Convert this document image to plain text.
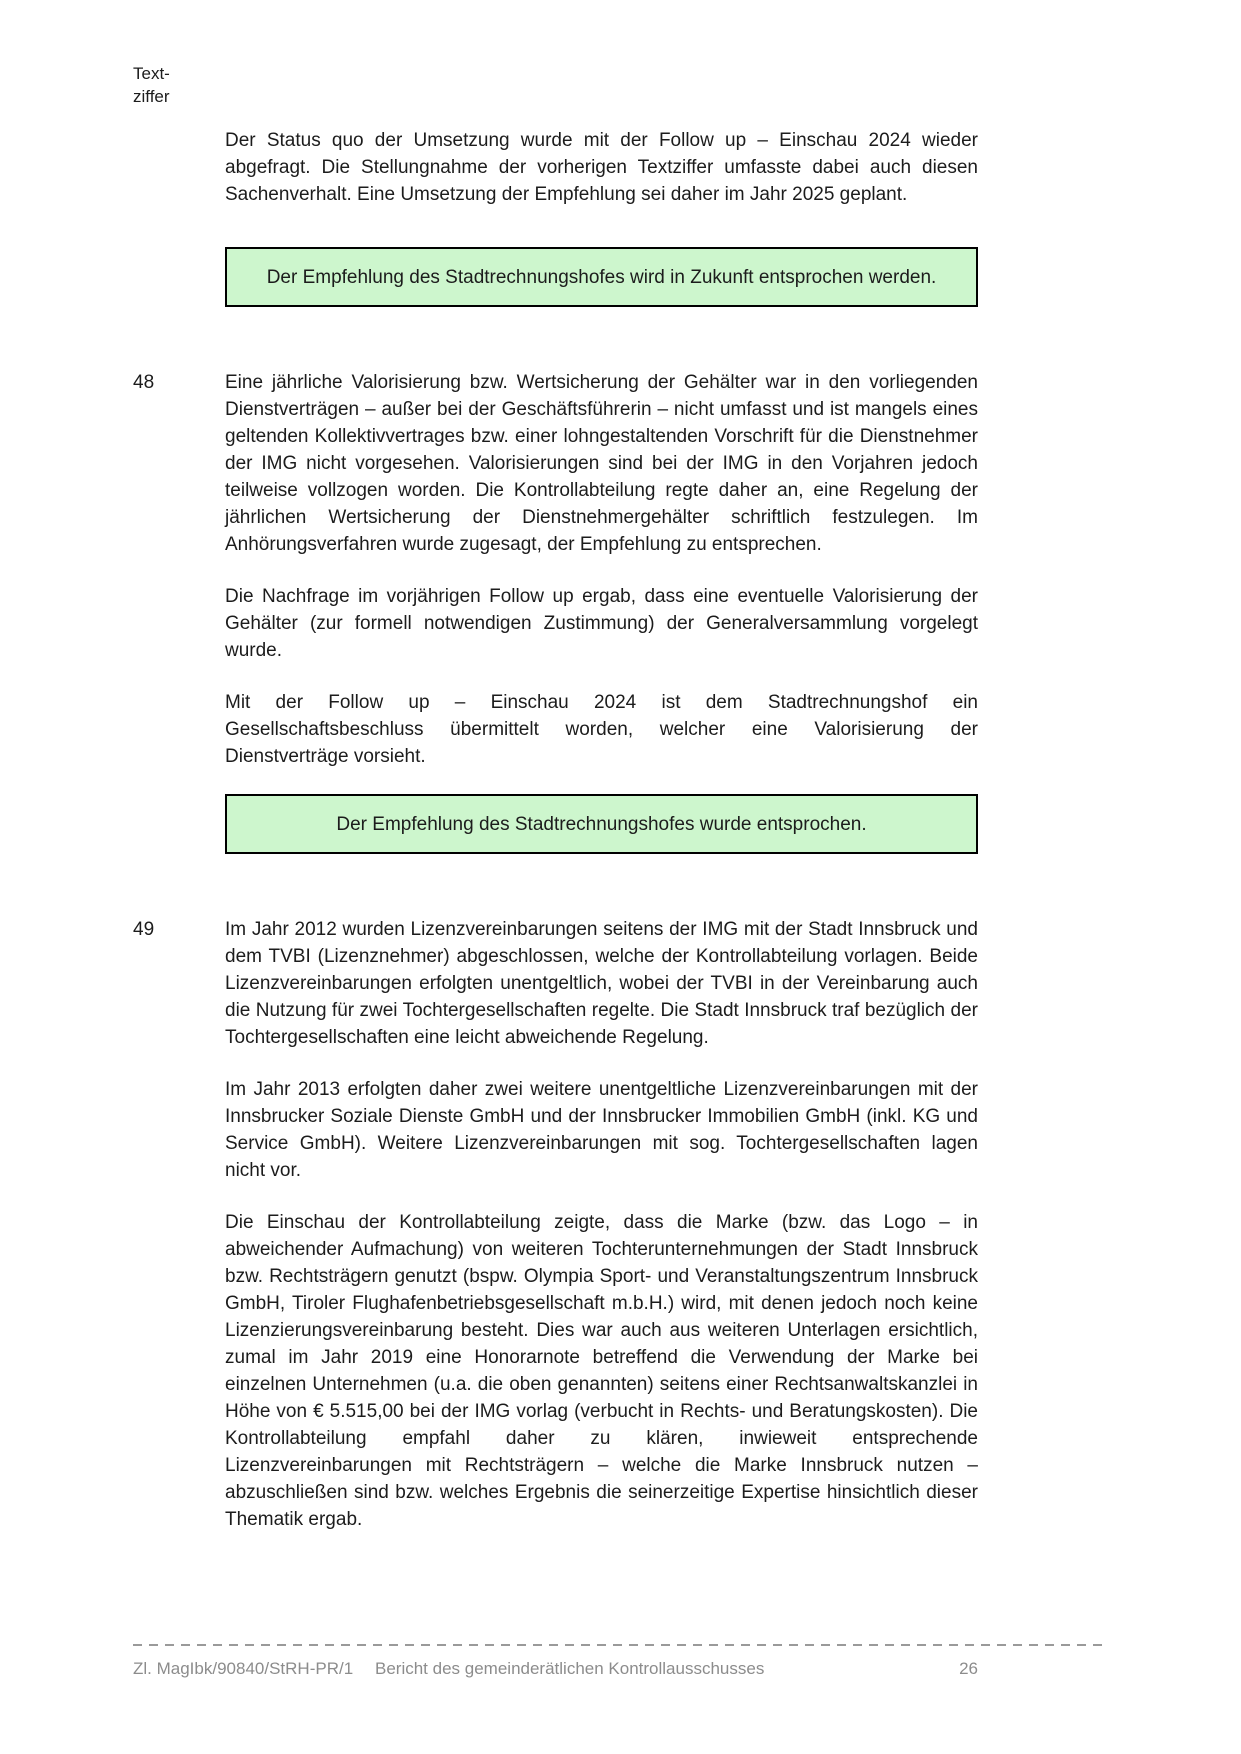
Text-
ziffer

Der Status quo der Umsetzung wurde mit der Follow up – Einschau 2024 wieder abgefragt. Die Stellungnahme der vorherigen Textziffer umfasste dabei auch diesen Sachenverhalt. Eine Umsetzung der Empfehlung sei daher im Jahr 2025 geplant.

Der Empfehlung des Stadtrechnungshofes wird in Zukunft entsprochen werden.
48	Eine jährliche Valorisierung bzw. Wertsicherung der Gehälter war in den vorliegenden Dienstverträgen – außer bei der Geschäftsführerin – nicht umfasst und ist mangels eines geltenden Kollektivvertrages bzw. einer lohngestaltenden Vorschrift für die Dienstnehmer der IMG nicht vorgesehen. Valorisierungen sind bei der IMG in den Vorjahren jedoch teilweise vollzogen worden. Die Kontrollabteilung regte daher an, eine Regelung der jährlichen Wertsicherung der Dienstnehmergehälter schriftlich festzulegen. Im Anhörungsverfahren wurde zugesagt, der Empfehlung zu entsprechen.

Die Nachfrage im vorjährigen Follow up ergab, dass eine eventuelle Valorisierung der Gehälter (zur formell notwendigen Zustimmung) der Generalversammlung vorgelegt wurde.

Mit der Follow up – Einschau 2024 ist dem Stadtrechnungshof ein Gesellschaftsbeschluss übermittelt worden, welcher eine Valorisierung der Dienstverträge vorsieht.

Der Empfehlung des Stadtrechnungshofes wurde entsprochen.
49	Im Jahr 2012 wurden Lizenzvereinbarungen seitens der IMG mit der Stadt Innsbruck und dem TVBI (Lizenznehmer) abgeschlossen, welche der Kontrollabteilung vorlagen. Beide Lizenzvereinbarungen erfolgten unentgeltlich, wobei der TVBI in der Vereinbarung auch die Nutzung für zwei Tochtergesellschaften regelte. Die Stadt Innsbruck traf bezüglich der Tochtergesellschaften eine leicht abweichende Regelung.

Im Jahr 2013 erfolgten daher zwei weitere unentgeltliche Lizenzvereinbarungen mit der Innsbrucker Soziale Dienste GmbH und der Innsbrucker Immobilien GmbH (inkl. KG und Service GmbH). Weitere Lizenzvereinbarungen mit sog. Tochtergesellschaften lagen nicht vor.

Die Einschau der Kontrollabteilung zeigte, dass die Marke (bzw. das Logo – in abweichender Aufmachung) von weiteren Tochterunternehmungen der Stadt Innsbruck bzw. Rechtsträgern genutzt (bspw. Olympia Sport- und Veranstaltungszentrum Innsbruck GmbH, Tiroler Flughafenbetriebsgesellschaft m.b.H.) wird, mit denen jedoch noch keine Lizenzierungsvereinbarung besteht. Dies war auch aus weiteren Unterlagen ersichtlich, zumal im Jahr 2019 eine Honorarnote betreffend die Verwendung der Marke bei einzelnen Unternehmen (u.a. die oben genannten) seitens einer Rechtsanwaltskanzlei in Höhe von € 5.515,00 bei der IMG vorlag (verbucht in Rechts- und Beratungskosten). Die Kontrollabteilung empfahl daher zu klären, inwieweit entsprechende Lizenzvereinbarungen mit Rechtsträgern – welche die Marke Innsbruck nutzen – abzuschließen sind bzw. welches Ergebnis die seinerzeitige Expertise hinsichtlich dieser Thematik ergab.

Zl. MagIbk/90840/StRH-PR/1	Bericht des gemeinderätlichen Kontrollausschusses	26
